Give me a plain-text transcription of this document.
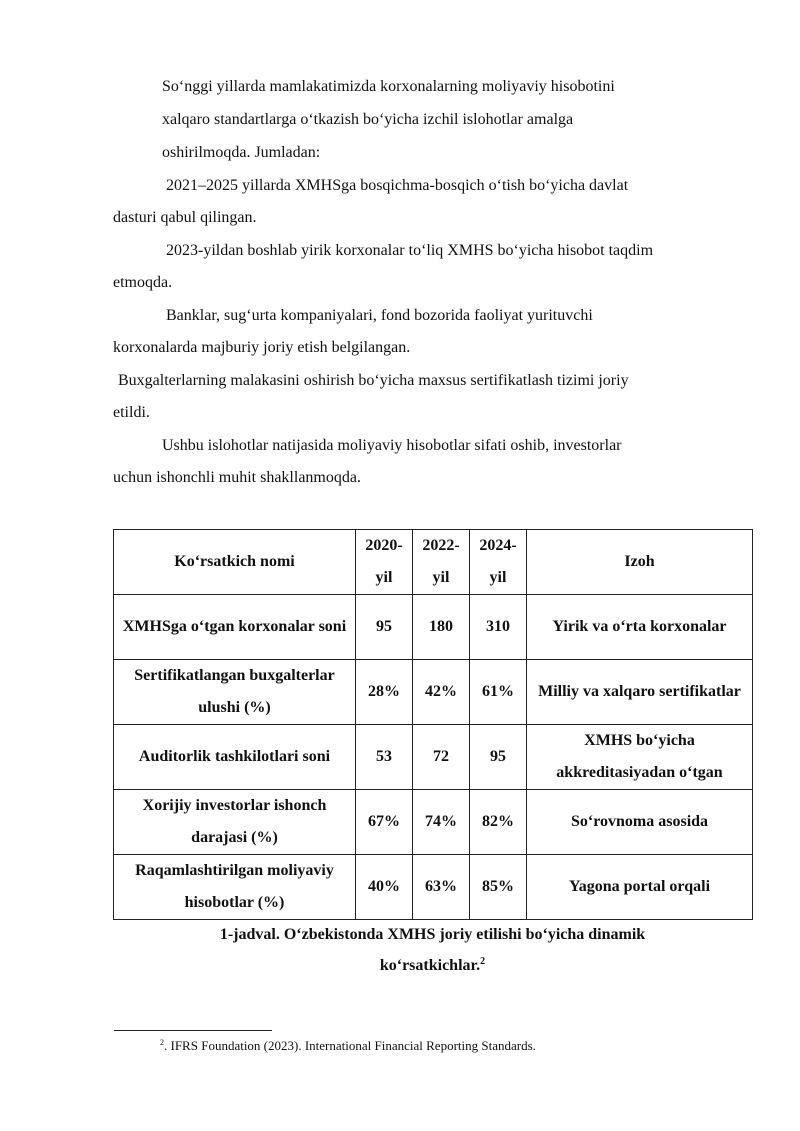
So‘nggi yillarda mamlakatimizda korxonalarning moliyaviy hisobotini
xalqaro standartlarga o‘tkazish bo‘yicha izchil islohotlar amalga
oshirilmoqda. Jumladan:
2021–2025 yillarda XMHSga bosqichma-bosqich o‘tish bo‘yicha davlat
dasturi qabul qilingan.
2023-yildan boshlab yirik korxonalar to‘liq XMHS bo‘yicha hisobot taqdim
etmoqda.
Banklar, sug‘urta kompaniyalari, fond bozorida faoliyat yurituvchi
korxonalarda majburiy joriy etish belgilangan.
Buxgalterlarning malakasini oshirish bo‘yicha maxsus sertifikatlash tizimi joriy
etildi.
Ushbu islohotlar natijasida moliyaviy hisobotlar sifati oshib, investorlar
uchun ishonchli muhit shakllanmoqda.
Ko‘rsatkich nomi	2020-yil	2022-yil	2024-yil	Izoh
XMHSga o‘tgan korxonalar soni	95	180	310	Yirik va o‘rta korxonalar
Sertifikatlangan buxgalterlar ulushi (%)	28%	42%	61%	Milliy va xalqaro sertifikatlar
Auditorlik tashkilotlari soni	53	72	95	XMHS bo‘yicha akkreditasiyadan o‘tgan
Xorijiy investorlar ishonch darajasi (%)	67%	74%	82%	So‘rovnoma asosida
Raqamlashtirilgan moliyaviy hisobotlar (%)	40%	63%	85%	Yagona portal orqali
1-jadval. O‘zbekistonda XMHS joriy etilishi bo‘yicha dinamik
ko‘rsatkichlar.$^2$
$^2$. IFRS Foundation (2023). International Financial Reporting Standards.
